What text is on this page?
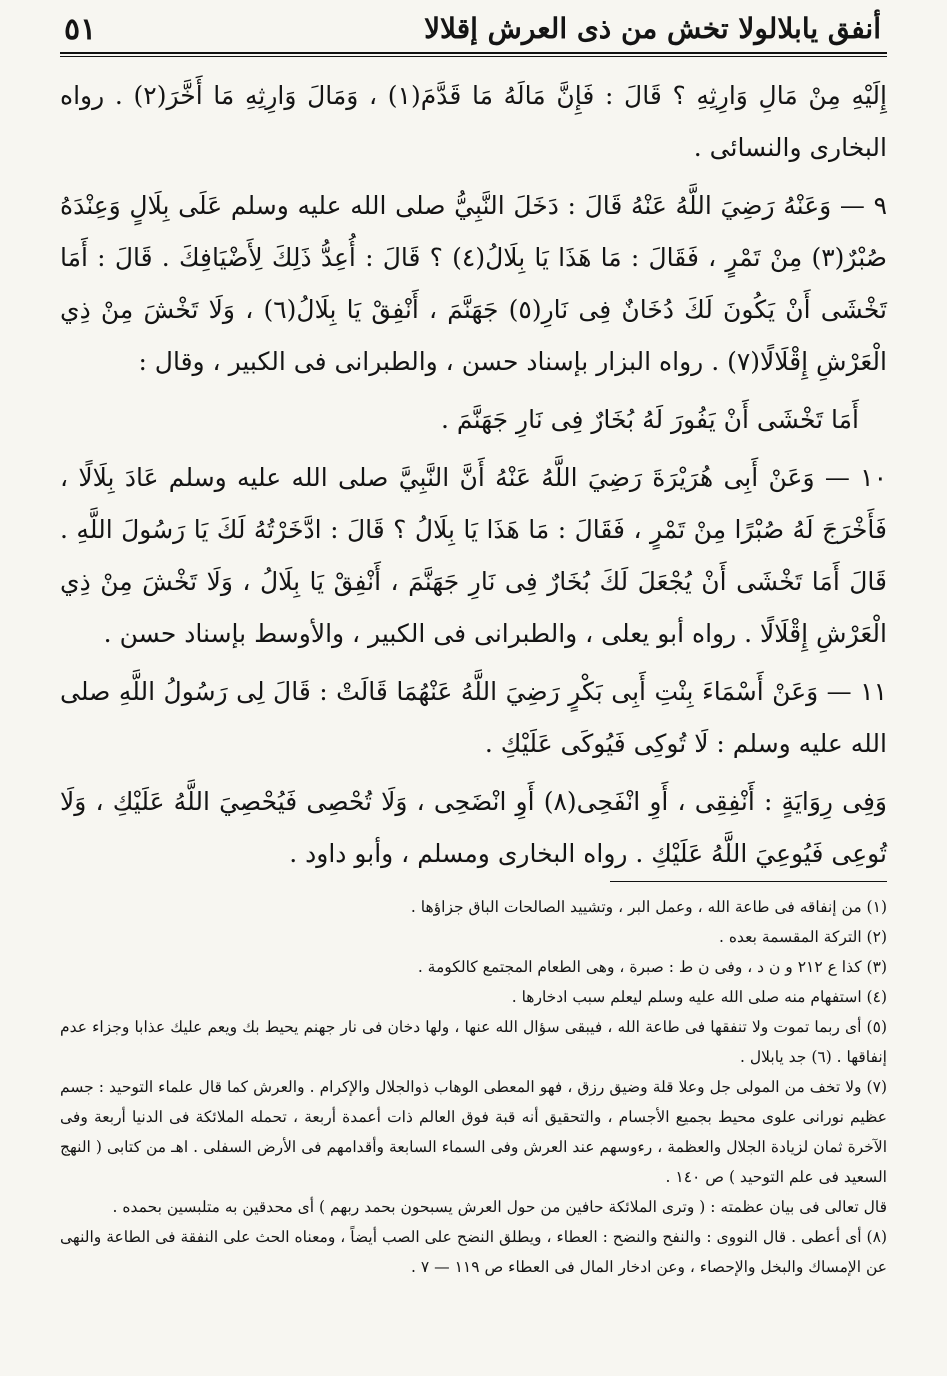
٥١	أنفق يابلالولا تخش من ذى العرش إقلالا

إِلَيْهِ مِنْ مَالِ وَارِثِهِ ؟ قَالَ : فَإِنَّ مَالَهُ مَا قَدَّمَ(١) ، وَمَالَ وَارِثِهِ مَا أَخَّرَ(٢) . رواه البخارى والنسائى .

٩ — وَعَنْهُ رَضِيَ اللَّهُ عَنْهُ قَالَ : دَخَلَ النَّبِيُّ صلى الله عليه وسلم عَلَى بِلَالٍ وَعِنْدَهُ صُبْرٌ(٣) مِنْ تَمْرٍ ، فَقَالَ : مَا هَذَا يَا بِلَالُ(٤) ؟ قَالَ : أُعِدُّ ذَلِكَ لِأَضْيَافِكَ . قَالَ : أَمَا تَخْشَى أَنْ يَكُونَ لَكَ دُخَانٌ فِى نَارِ(٥) جَهَنَّمَ ، أَنْفِقْ يَا بِلَالُ(٦) ، وَلَا تَخْشَ مِنْ ذِي الْعَرْشِ إِقْلَالًا(٧) . رواه البزار بإسناد حسن ، والطبرانى فى الكبير ، وقال :

أَمَا تَخْشَى أَنْ يَفُورَ لَهُ بُخَارٌ فِى نَارِ جَهَنَّمَ .

١٠ — وَعَنْ أَبِى هُرَيْرَةَ رَضِيَ اللَّهُ عَنْهُ أَنَّ النَّبِيَّ صلى الله عليه وسلم عَادَ بِلَالًا ، فَأَخْرَجَ لَهُ صُبْرًا مِنْ تَمْرٍ ، فَقَالَ : مَا هَذَا يَا بِلَالُ ؟ قَالَ : ادَّخَرْتُهُ لَكَ يَا رَسُولَ اللَّهِ . قَالَ أَمَا تَخْشَى أَنْ يُجْعَلَ لَكَ بُخَارٌ فِى نَارِ جَهَنَّمَ ، أَنْفِقْ يَا بِلَالُ ، وَلَا تَخْشَ مِنْ ذِي الْعَرْشِ إِقْلَالًا . رواه أبو يعلى ، والطبرانى فى الكبير ، والأوسط بإسناد حسن .

١١ — وَعَنْ أَسْمَاءَ بِنْتِ أَبِى بَكْرٍ رَضِيَ اللَّهُ عَنْهُمَا قَالَتْ : قَالَ لِى رَسُولُ اللَّهِ صلى الله عليه وسلم : لَا تُوكِى فَيُوكَى عَلَيْكِ .

وَفِى رِوَايَةٍ : أَنْفِقِى ، أَوِ انْفَحِى(٨) أَوِ انْضَحِى ، وَلَا تُحْصِى فَيُحْصِيَ اللَّهُ عَلَيْكِ ، وَلَا تُوعِى فَيُوعِيَ اللَّهُ عَلَيْكِ . رواه البخارى ومسلم ، وأبو داود .

(١) من إنفاقه فى طاعة الله ، وعمل البر ، وتشييد الصالحات الباق جزاؤها .

(٢) التركة المقسمة بعده .

(٣) كذا ع ٢١٢ و ن د ، وفى ن ط : صبرة ، وهى الطعام المجتمع كالكومة .

(٤) استفهام منه صلى الله عليه وسلم ليعلم سبب ادخارها .

(٥) أى ربما تموت ولا تنفقها فى طاعة الله ، فيبقى سؤال الله عنها ، ولها دخان فى نار جهنم يحيط بك ويعم عليك عذابا وجزاء عدم إنفاقها . (٦) جد يابلال .

(٧) ولا تخف من المولى جل وعلا قلة وضيق رزق ، فهو المعطى الوهاب ذوالجلال والإكرام . والعرش كما قال علماء التوحيد : جسم عظيم نورانى علوى محيط بجميع الأجسام ، والتحقيق أنه قبة فوق العالم ذات أعمدة أربعة ، تحمله الملائكة فى الدنيا أربعة وفى الآخرة ثمان لزيادة الجلال والعظمة ، رءوسهم عند العرش وفى السماء السابعة وأقدامهم فى الأرض السفلى . اهـ من كتابى ( النهج السعيد فى علم التوحيد ) ص ١٤٠ .

قال تعالى فى بيان عظمته : ( وترى الملائكة حافين من حول العرش يسبحون بحمد ربهم ) أى محدقين به متلبسين بحمده .

(٨) أى أعطى . قال النووى : والنفح والنضح : العطاء ، ويطلق النضح على الصب أيضاً ، ومعناه الحث على النفقة فى الطاعة والنهى عن الإمساك والبخل والإحصاء ، وعن ادخار المال فى العطاء ص ١١٩ — ٧ .
